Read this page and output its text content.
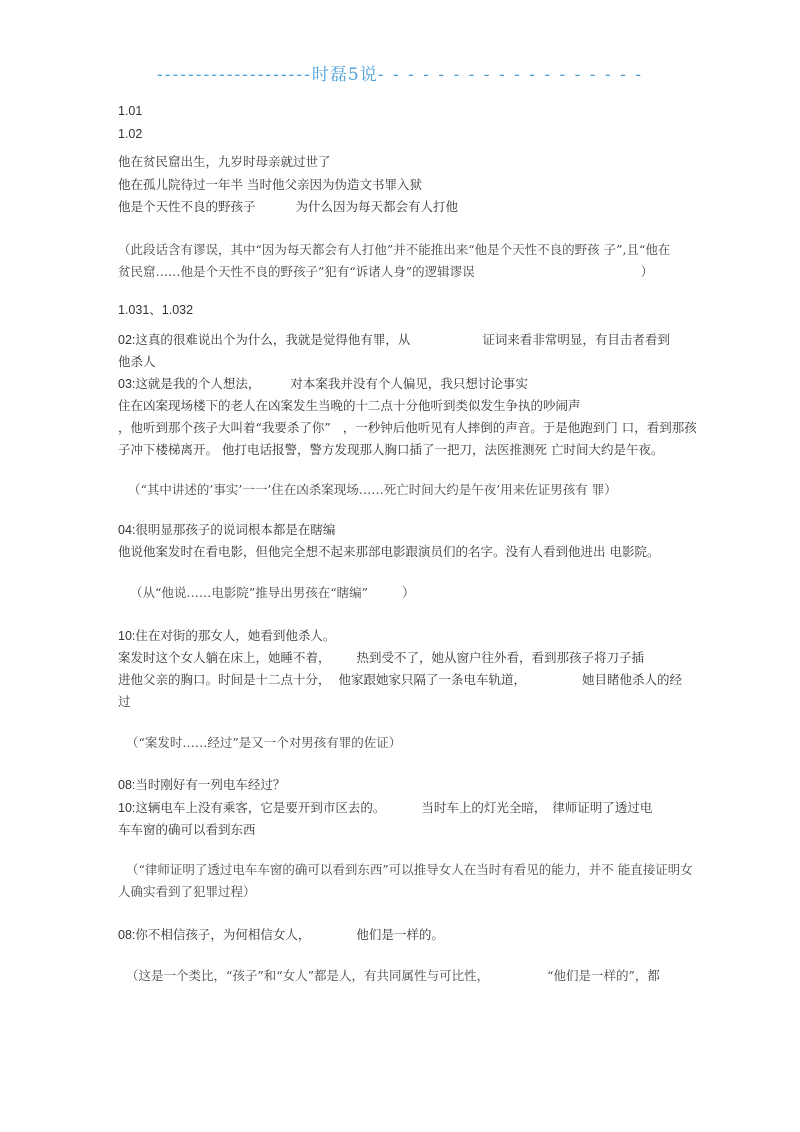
--------------------时磊5说- - - - - - - - - - - - - - - - - -
1.01
1.02
他在贫民窟出生，九岁时母亲就过世了
他在孤儿院待过一年半 当时他父亲因为伪造文书罪入狱
他是个天性不良的野孩子	为什么因为每天都会有人打他
（此段话含有谬误，其中“因为每天都会有人打他”并不能推出来“他是个天性不良的野孩 子”,且“他在
贫民窟……他是个天性不良的野孩子”犯有“诉诸人身”的逻辑谬误	）
1.031、1.032
02:这真的很难说出个为什么，我就是觉得他有罪，从	证词来看非常明显，有目击者看到
他杀人
03:这就是我的个人想法， 对本案我并没有个人偏见，我只想讨论事实
住在凶案现场楼下的老人在凶案发生当晚的十二点十分他听到类似发生争执的吵闹声
，他听到那个孩子大叫着“我要杀了你” ，一秒钟后他听见有人摔倒的声音。于是他跑到门 口，看到那孩
子冲下楼梯离开。 他打电话报警，警方发现那人胸口插了一把刀，法医推测死 亡时间大约是午夜。
（“其中讲述的’事实’一一’住在凶杀案现场……死亡时间大约是午夜’用来佐证男孩有 罪）
04:很明显那孩子的说词根本都是在瞎编
他说他案发时在看电影，但他完全想不起来那部电影跟演员们的名字。没有人看到他进出 电影院。
（从“他说……电影院”推导出男孩在“瞎编”	）
10:住在对街的那女人，她看到他杀人。
案发时这个女人躺在床上，她睡不着， 热到受不了，她从窗户往外看，看到那孩子将刀子插
进他父亲的胸口。时间是十二点十分， 他家跟她家只隔了一条电车轨道，	她目睹他杀人的经
过
（“案发时……经过”是又一个对男孩有罪的佐证）
08:当时刚好有一列电车经过？
10:这辆电车上没有乘客，它是要开到市区去的。	当时车上的灯光全暗， 律师证明了透过电
车车窗的确可以看到东西
（“律师证明了透过电车车窗的确可以看到东西”可以推导女人在当时有看见的能力，并不 能直接证明女
人确实看到了犯罪过程）
08:你不相信孩子，为何相信女人，	他们是一样的。
（这是一个类比，“孩子”和“女人”都是人，有共同属性与可比性，	“他们是一样的”，都
